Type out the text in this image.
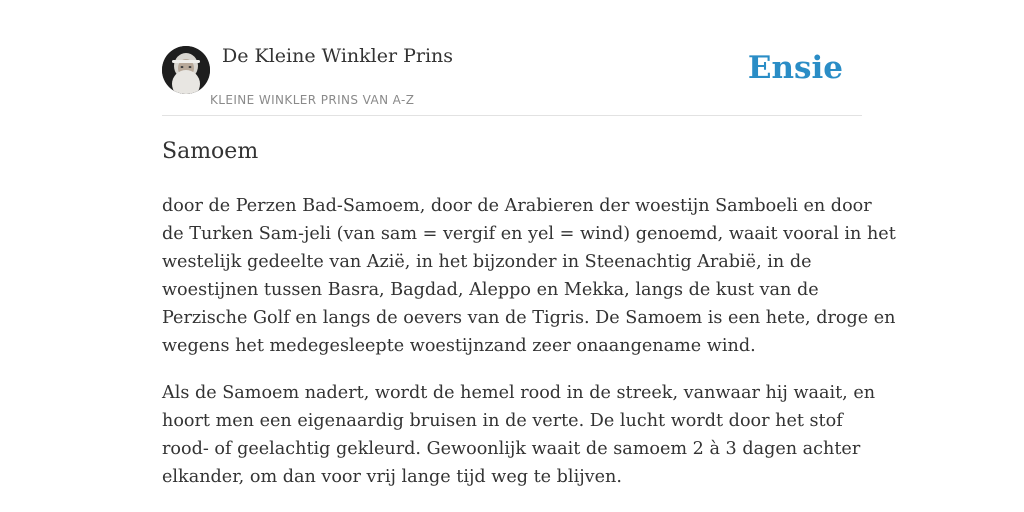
De Kleine Winkler Prins
KLEINE WINKLER PRINS VAN A-Z
Ensie
Samoem

door de Perzen Bad-Samoem, door de Arabieren der woestijn Samboeli en door
de Turken Sam-jeli (van sam = vergif en yel = wind) genoemd, waait vooral in het
westelijk gedeelte van Azië, in het bijzonder in Steenachtig Arabië, in de
woestijnen tussen Basra, Bagdad, Aleppo en Mekka, langs de kust van de
Perzische Golf en langs de oevers van de Tigris. De Samoem is een hete, droge en
wegens het medegesleepte woestijnzand zeer onaangename wind.

Als de Samoem nadert, wordt de hemel rood in de streek, vanwaar hij waait, en
hoort men een eigenaardig bruisen in de verte. De lucht wordt door het stof
rood- of geelachtig gekleurd. Gewoonlijk waait de samoem 2 à 3 dagen achter
elkander, om dan voor vrij lange tijd weg te blijven.
